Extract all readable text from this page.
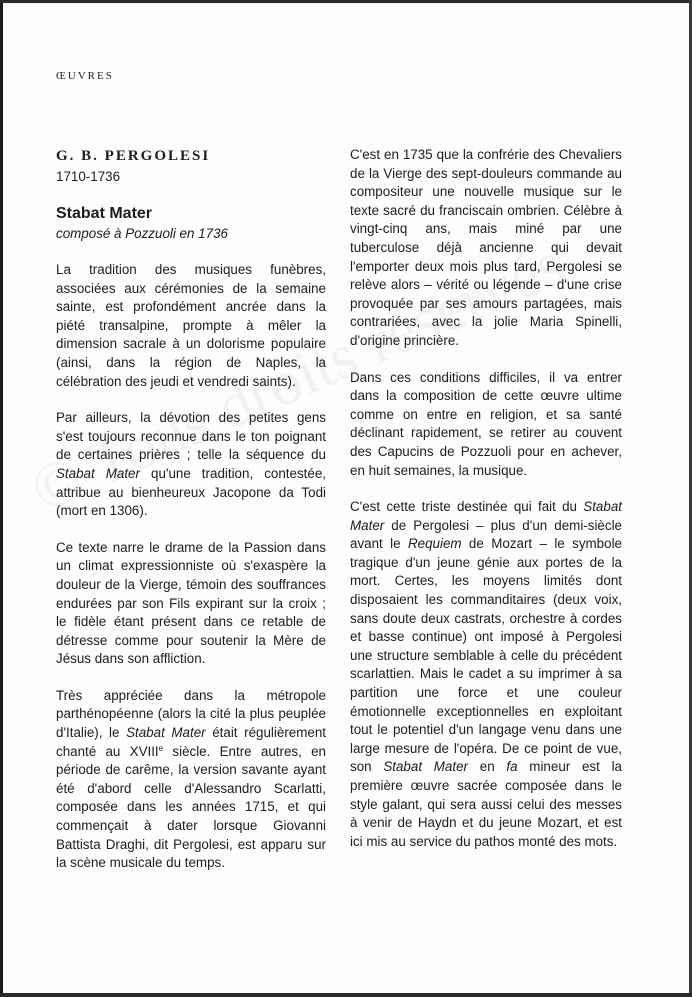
ŒUVRES
G. B. PERGOLESI

1710-1736

Stabat Mater

composé à Pozzuoli en 1736

La tradition des musiques funèbres, associées aux cérémonies de la semaine sainte, est profondément ancrée dans la piété transalpine, prompte à mêler la dimension sacrale à un dolorisme populaire (ainsi, dans la région de Naples, la célébration des jeudi et vendredi saints).

Par ailleurs, la dévotion des petites gens s'est toujours reconnue dans le ton poignant de certaines prières ; telle la séquence du Stabat Mater qu'une tradition, contestée, attribue au bienheureux Jacopone da Todi (mort en 1306).

Ce texte narre le drame de la Passion dans un climat expressionniste où s'exaspère la douleur de la Vierge, témoin des souffrances endurées par son Fils expirant sur la croix ; le fidèle étant présent dans ce retable de détresse comme pour soutenir la Mère de Jésus dans son affliction.

Très appréciée dans la métropole parthénopéenne (alors la cité la plus peuplée d'Italie), le Stabat Mater était régulièrement chanté au XVIIIe siècle. Entre autres, en période de carême, la version savante ayant été d'abord celle d'Alessandro Scarlatti, composée dans les années 1715, et qui commençait à dater lorsque Giovanni Battista Draghi, dit Pergolesi, est apparu sur la scène musicale du temps.

C'est en 1735 que la confrérie des Chevaliers de la Vierge des sept-douleurs commande au compositeur une nouvelle musique sur le texte sacré du franciscain ombrien. Célèbre à vingt-cinq ans, mais miné par une tuberculose déjà ancienne qui devait l'emporter deux mois plus tard, Pergolesi se relève alors – vérité ou légende – d'une crise provoquée par ses amours partagées, mais contrariées, avec la jolie Maria Spinelli, d'origine princière.

Dans ces conditions difficiles, il va entrer dans la composition de cette œuvre ultime comme on entre en religion, et sa santé déclinant rapidement, se retirer au couvent des Capucins de Pozzuoli pour en achever, en huit semaines, la musique.

C'est cette triste destinée qui fait du Stabat Mater de Pergolesi – plus d'un demi-siècle avant le Requiem de Mozart – le symbole tragique d'un jeune génie aux portes de la mort. Certes, les moyens limités dont disposaient les commanditaires (deux voix, sans doute deux castrats, orchestre à cordes et basse continue) ont imposé à Pergolesi une structure semblable à celle du précédent scarlattien. Mais le cadet a su imprimer à sa partition une force et une couleur émotionnelle exceptionnelles en exploitant tout le potentiel d'un langage venu dans une large mesure de l'opéra. De ce point de vue, son Stabat Mater en fa mineur est la première œuvre sacrée composée dans le style galant, qui sera aussi celui des messes à venir de Haydn et du jeune Mozart, et est ici mis au service du pathos monté des mots.
